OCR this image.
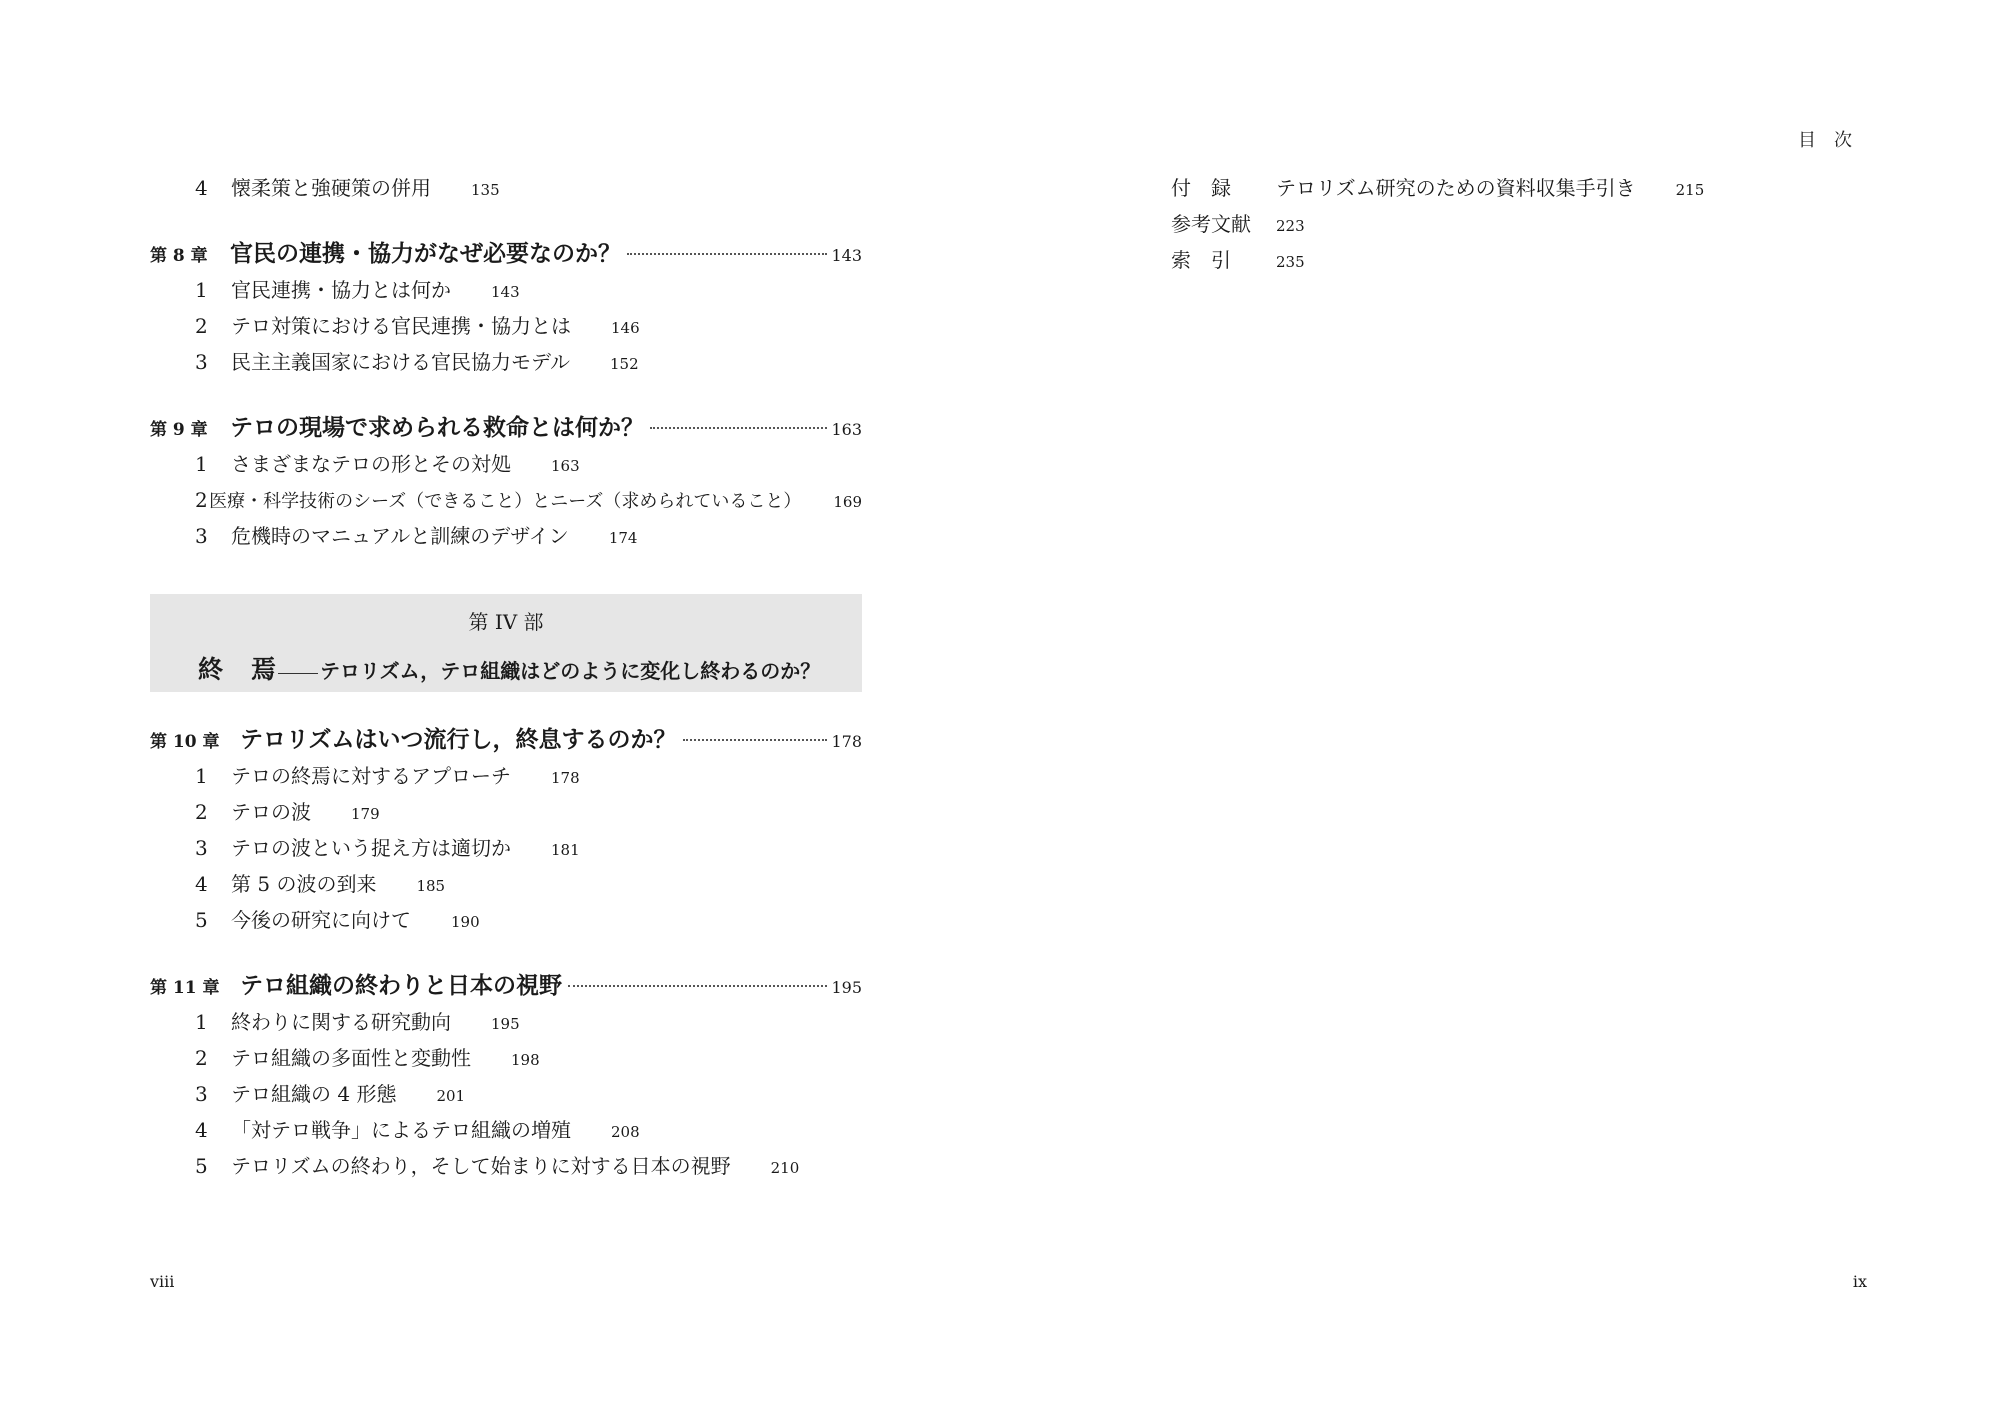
4	懐柔策と強硬策の併用	135
第 8 章 官民の連携・協力がなぜ必要なのか？	143
1	官民連携・協力とは何か	143
2	テロ対策における官民連携・協力とは	146
3	民主主義国家における官民協力モデル	152
第 9 章 テロの現場で求められる救命とは何か？	163
1	さまざまなテロの形とその対処	163
2 医療・科学技術のシーズ（できること）とニーズ（求められていること） 169
3	危機時のマニュアルと訓練のデザイン	174
第 IV 部
終焉 テロリズム，テロ組織はどのように変化し終わるのか？
第 10 章 テロリズムはいつ流行し，終息するのか？	178
1	テロの終焉に対するアプローチ	178
2	テロの波	179
3	テロの波という捉え方は適切か	181
4	第 5 の波の到来	185
5	今後の研究に向けて	190
第 11 章 テロ組織の終わりと日本の視野	195
1	終わりに関する研究動向	195
2	テロ組織の多面性と変動性	198
3	テロ組織の 4 形態	201
4	「対テロ戦争」によるテロ組織の増殖	208
5	テロリズムの終わり，そして始まりに対する日本の視野	210
viii
目次
付　録	テロリズム研究のための資料収集手引き	215
参考文献	223
索　引	235
ix
